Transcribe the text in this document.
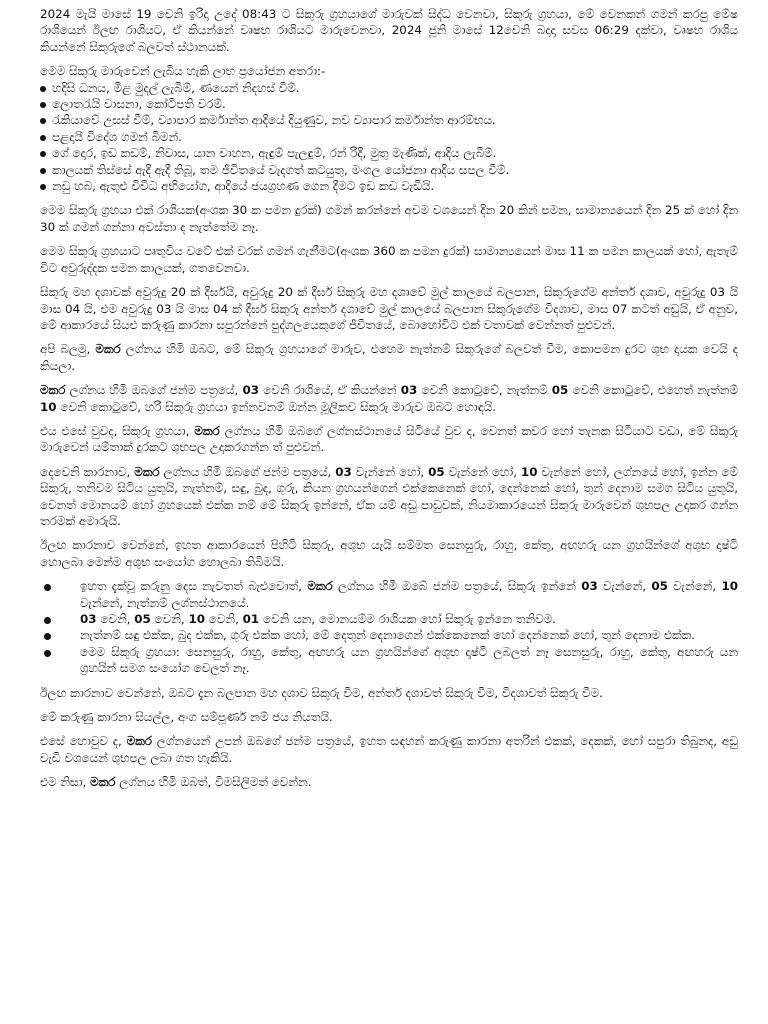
2024 මැයි මාසේ 19 වෙනි ඉරිදා උදේ 08:43 ට සිකුරු ග්‍රහයාගේ මාරුවක් සිද්ධ වෙනවා, සිකුරු ග්‍රහයා, මේ වෙනකන් ගමන් කරපු මේෂ රාශියෙන් ඊලඟ රාශියට, ඒ කියන්නේ වෘෂභ රාශියට මාරුවෙනවා, 2024 ජූනි මාසේ 12වෙනි බදාදා සවස 06:29 දක්වා, වෘෂභ රාශිය කියන්නේ සිකුරුගේ බලවත් ස්ථානයක්.

මෙම සිකුරු මාරුවෙන් ලැබිය හැකි ලාභ ප්‍රයෝජන අතරා:-

හදිසි ධනය, මිළ මුදල් ලැබීම්, ණයෙන් නිදහස් වීම්.
ලොතරැයි වාසනා, කෝටිපති වරම්.
රැකියාවේ උසස් වීම්, ව්‍යාපාර කර්මාන්ත ආදියේ දියුණුව, නව ව්‍යාපාර කර්මාන්ත ආරම්භය.
පළදායී විදේශ ගමන් බිමන්.
ගේ දොර, ඉඩ කඩම්, නිවාස, යාන වාහන, ඇඳුම් පැලඳුම්, රන් රිදී, මුතු මැණික්, ආදිය ලැබීම්.
කාලයක් තිස්සේ ඇදී ඇදී තිබූ, තම ජීවිතයේ වැදගත් කටයුතු, මංගල යෝජනා ආදිය සපල වීම්.
නඩු හබ, ඇතුළු විවිධ අභියෝග, ආදියේ ජයග්‍රහණ ගෙන දීමට ඉඩ කඩ වැඩියි.

මෙම සිකුරු ග්‍රහයා එක් රාශියක(අංශක 30 ක පමන දුරක්) ගමන් කරන්නේ අවම වශයෙන් දින 20 කින් පමන, සාමාන්‍යයෙන් දින 25 ක් හෝ දින 30 ක් ගමන් ගන්නා අවස්තා ද නැත්තේම නෑ.

මෙම සිකුරු ග්‍රහයාට පෘතුවිය වටේ එක් වරක් ගමන් ගැනීමට(අංශක 360 ක පමන දුරක්) සාමාන්‍යයෙන් මාස 11 ක පමන කාලයක් හෝ, ඇතැම් විට අවුරුද්දක පමන කාලයක්, ගතවෙනවා.

සිකුරු මහ දශාවක් අවුරුදු 20 ක් දීර්ඝයි, අවුරුදු 20 ක් දීර්ඝ සිකුරු මහ දශාවේ මුල් කාලයේ බලපාන, සිකුරුගේම අන්තර් දශාව, අවුරුදු 03 යි මාස 04 යි, එම අවුරුදු 03 යි මාස 04 ක් දීර්ඝ සිකුරු අන්තර් දශාවේ මුල් කාලයේ බලපාන සිකුරුගේම විදශාව, මාස 07 කටත් අඩුයි, ඒ අනුව, මේ ආකාරයේ සියළු කරුණු කාරනා සපුරන්නේ පුද්ගලයෙකුගේ ජීවිතයේ, බොහෝවිට එක් වතාවක් වෙන්නත් පුළුවන්.

අපි බලමු, මකර ලග්නය හිමි ඔබට, මේ සිකුරු ග්‍රහයාගේ මාරුව, එහෙම නැත්නම් සිකුරුගේ බලවත් වීම, කොපමන දුරට ශුභ දායක වෙයි ද කියලා.

මකර ලග්නය හිමි ඔබගේ ජන්ම පත්‍රයේ, 03 වෙනි රාශියේ, ඒ කියන්නේ 03 වෙනි කොටුවේ, නැත්නම් 05 වෙනි කොටුවේ, එහෙත් නැත්නම් 10 වෙනි කොටුවේ, හරි සිකුරු ග්‍රහයා ඉන්නවනම් ඔන්න මූලිකව සිකුරු මාරුව ඔබට හොඳයි.

එය එසේ වුවද, සිකුරු ග්‍රහයා, මකර ලග්නය හිමි ඔබගේ ලග්නස්ථානයේ සිටියේ වුව ද, වෙනත් කවර හෝ තැනක සිටියාට වඩා, මේ සිකුරු මාරුවෙන් යම්තාක් දුරකට ශුභපල උදාකරගන්න ත් පුළුවන්.

දෙවෙනි කාරනාව, මකර ලග්නය හිමි ඔබගේ ජන්ම පත්‍රයේ, 03 වැන්නේ හෝ, 05 වැන්නේ හෝ, 10 වැන්නේ හෝ, ලග්නයේ හෝ, ඉන්න මේ සිකුරු, තනිවම සිටිය යුතුයි, නැත්නම්, සඳු, බුද, ගුරු, කියන ග්‍රහයන්ගෙන් එක්කෙනෙක් හෝ, දෙන්නෙක් හෝ, තුන් දෙනාම සමග සිටිය යුතුයි, වෙනත් මොනයම් හෝ ග්‍රහයෙක් එක්ක නම් මේ සිකුරු ඉන්නේ, ඒක යම් අඩු පාඩුවක්, නියමාකාරයෙන් සිකුරු මාරුවෙන් ශුභපල උදාකර ගන්න තරමක් අමාරුයි.

ඊලඟ කාරනාව වෙන්නේ, ඉහත ආකාරයෙන් පිහිටි සිකුරු, අශුභ යැයි සම්මත සෙනසුරු, රාහු, කේතු, අඟහරු යන ග්‍රහයින්ගේ අශුභ දෘෂ්ටි හොලබා මෙන්ම අශුභ සංයෝග හොලබා තිබිමයි.

ඉහත දැක්වූ කරුනු දෙස නැවතත් බැළුවොත්, මකර ලග්නය හිමි ඔබේ ජන්ම පත්‍රයේ, සිකුරු ඉන්නේ 03 වැන්නේ, 05 වැන්නේ, 10 වැන්නේ, නැත්නම් ලග්නස්ථානයේ.
03 වෙනි, 05 වෙනි, 10 වෙනි, 01 වෙනි යන, මොනයම්ම රාශියක හෝ සිකුරු ඉන්නෙ තනිවම.
නැත්නම් සඳු එක්ක, බුද එක්ක, ගුරු එක්ක හෝ, මේ දෙතුන් දෙනාගෙන් එක්කෙනෙක් හෝ දෙන්නෙක් හෝ, තුන් දෙනාම එක්ක.
මෙම සිකුරු ග්‍රහයා: සෙනසුරු, රාහු, කේතු, අඟහරු යන ග්‍රහයින්ගේ අශුභ දෘෂ්ටි ලබලත් නෑ සෙනසුරු, රාහු, කේතු, අඟහරු යන ග්‍රහයින් සමග සංයෝග වෙලත් නෑ.

ඊලඟ කාරනාව වෙන්නේ, ඔබට දැන බලපාන මහ දශාව සිකුරු වීම, අන්තර් දශාවත් සිකුරු වීම, විදශාවත් සිකුරු වීම.

මේ කරුණු කාරනා සියල්ල, අංග සම්පූර්ණ නම් ජය නියතයි.

එසේ හොවුව ද, මකර ලග්නයෙන් උපන් ඔබගේ ජන්ම පත්‍රයේ, ඉහත සඳහන් කරුණු කාරනා අතරින් එකක්, දෙකක්, හෝ සපුරා තිබුනද, අඩු වැඩි වශයෙන් ශුභපල ලබා ගත හැකියි.

එම නිසා, මකර ලග්නය හිමි ඔබත්, විමසිලිමත් වෙන්න.
